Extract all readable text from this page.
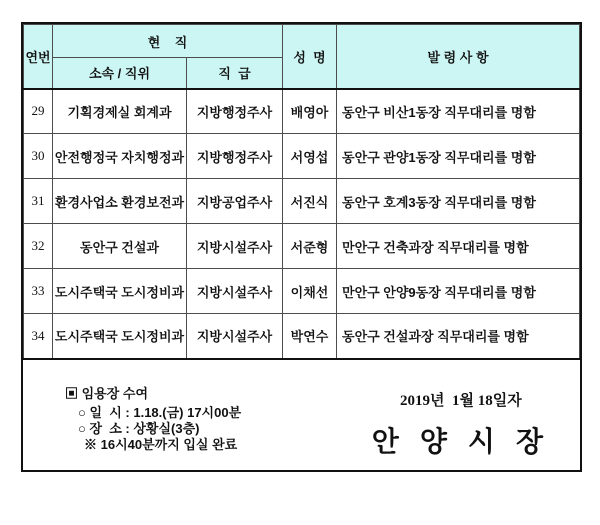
연번	현    직		성  명	발 령 사 항
	소속 / 직위	직  급		
29	기획경제실 회계과	지방행정주사	배영아	동안구 비산1동장 직무대리를 명함
30	안전행정국 자치행정과	지방행정주사	서영섭	동안구 관양1동장 직무대리를 명함
31	환경사업소 환경보전과	지방공업주사	서진식	동안구 호계3동장 직무대리를 명함
32	동안구 건설과	지방시설주사	서준형	만안구 건축과장 직무대리를 명함
33	도시주택국 도시정비과	지방시설주사	이채선	만안구 안양9동장 직무대리를 명함
34	도시주택국 도시정비과	지방시설주사	박연수	동안구 건설과장 직무대리를 명함
▣ 임용장 수여
○ 일  시 : 1.18.(금) 17시00분
○ 장  소 : 상황실(3층)
※ 16시40분까지 입실 완료
2019년  1월 18일자
안 양 시 장
